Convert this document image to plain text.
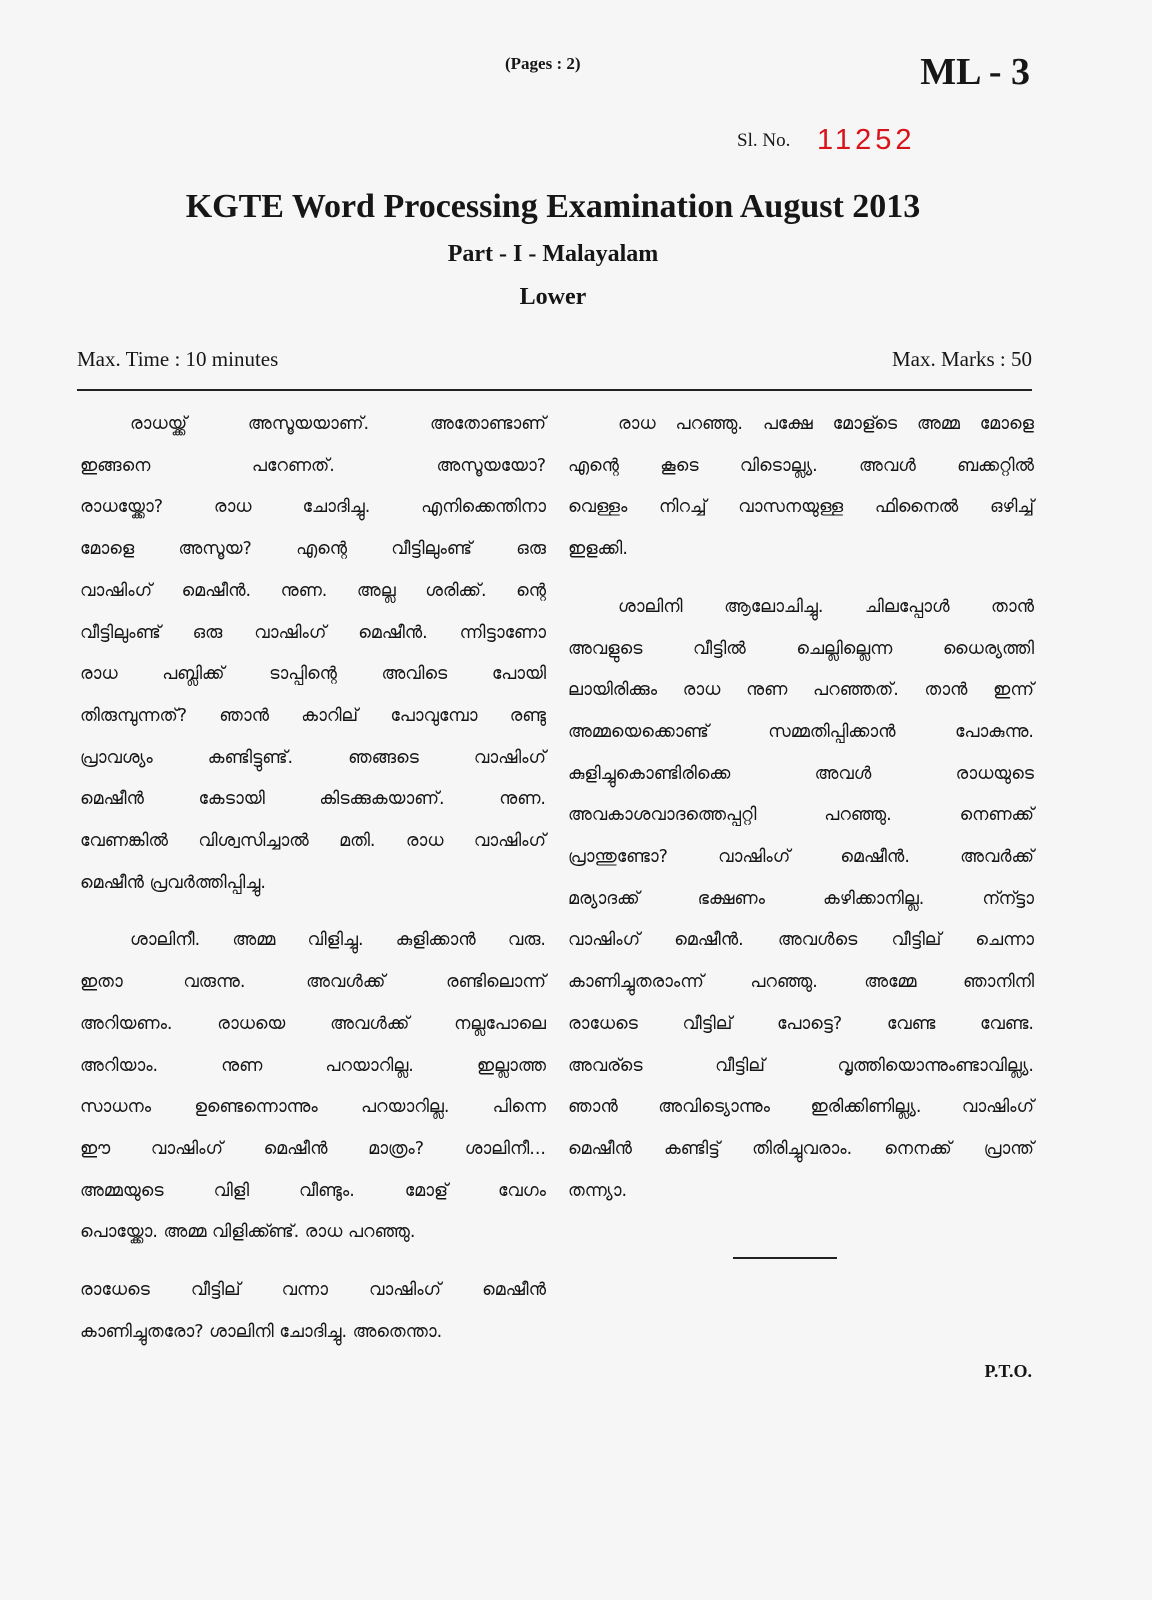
(Pages : 2)	ML - 3
Sl. No. 11252
KGTE Word Processing Examination August 2013
Part - I - Malayalam
Lower
Max. Time : 10 minutes	Max. Marks : 50
രാധയ്ക്ക് അസൂയയാണ്. അതോണ്ടാണ്
ഇങ്ങനെ പറേണത്. അസൂയയോ?
രാധയ്ക്കോ? രാധ ചോദിച്ചു. എനിക്കെന്തിനാ
മോളെ അസൂയ? എന്റെ വീട്ടിലുംണ്ട് ഒരു
വാഷിംഗ് മെഷീൻ. നുണ. അല്ല ശരിക്ക്. ന്റെ
വീട്ടിലുംണ്ട് ഒരു വാഷിംഗ് മെഷീൻ. ന്നിട്ടാണോ
രാധ പബ്ലിക്ക് ടാപ്പിന്റെ അവിടെ പോയി
തിരുമ്പുന്നത്? ഞാൻ കാറില് പോവുമ്പോ രണ്ടു
പ്രാവശ്യം കണ്ടിട്ടുണ്ട്. ഞങ്ങടെ വാഷിംഗ്
മെഷീൻ കേടായി കിടക്കുകയാണ്. നുണ.
വേണങ്കിൽ വിശ്വസിച്ചാൽ മതി. രാധ വാഷിംഗ്
മെഷീൻ പ്രവർത്തിപ്പിച്ചു.
ശാലിനീ. അമ്മ വിളിച്ചു. കുളിക്കാൻ വരു.
ഇതാ വരുന്നു. അവൾക്ക് രണ്ടിലൊന്ന്
അറിയണം. രാധയെ അവൾക്ക് നല്ലപോലെ
അറിയാം. നുണ പറയാറില്ല. ഇല്ലാത്ത
സാധനം ഉണ്ടെന്നൊന്നും പറയാറില്ല. പിന്നെ
ഈ വാഷിംഗ് മെഷീൻ മാത്രം? ശാലിനീ...
അമ്മയുടെ വിളി വീണ്ടും. മോള് വേഗം
പൊയ്ക്കോ. അമ്മ വിളിക്ക്ണ്ട്. രാധ പറഞ്ഞു.
രാധേടെ വീട്ടില് വന്നാ വാഷിംഗ് മെഷീൻ
കാണിച്ചുതരോ? ശാലിനി ചോദിച്ചു. അതെന്താ.
രാധ പറഞ്ഞു. പക്ഷേ മോള്ടെ അമ്മ മോളെ
എന്റെ കൂടെ വിടൊല്ല്യ. അവൾ ബക്കറ്റിൽ
വെള്ളം നിറച്ച് വാസനയുള്ള ഫിനൈൽ ഒഴിച്ച്
ഇളക്കി.
ശാലിനി ആലോചിച്ചു. ചിലപ്പോൾ താൻ
അവളുടെ വീട്ടിൽ ചെല്ലില്ലെന്ന ധൈര്യത്തി
ലായിരിക്കും രാധ നുണ പറഞ്ഞത്. താൻ ഇന്ന്
അമ്മയെക്കൊണ്ട് സമ്മതിപ്പിക്കാൻ പോകുന്നു.
കുളിച്ചുകൊണ്ടിരിക്കെ അവൾ രാധയുടെ
അവകാശവാദത്തെപ്പറ്റി പറഞ്ഞു. നെണക്ക്
പ്രാന്തുണ്ടോ? വാഷിംഗ് മെഷീൻ. അവർക്ക്
മര്യാദക്ക് ഭക്ഷണം കഴിക്കാനില്ല. ന്ന്ട്ടാ
വാഷിംഗ് മെഷീൻ. അവൾടെ വീട്ടില് ചെന്നാ
കാണിച്ചുതരാംന്ന് പറഞ്ഞു. അമ്മേ ഞാനിനി
രാധേടെ വീട്ടില് പോട്ടെ? വേണ്ട വേണ്ട.
അവര്ടെ വീട്ടില് വൃത്തിയൊന്നുംണ്ടാവില്ല്യ.
ഞാൻ അവിട്യൊന്നും ഇരിക്കിണില്ല്യ. വാഷിംഗ്
മെഷീൻ കണ്ടിട്ട് തിരിച്ചുവരാം. നെനക്ക് പ്രാന്ത്
തന്ന്യാ.
P.T.O.
